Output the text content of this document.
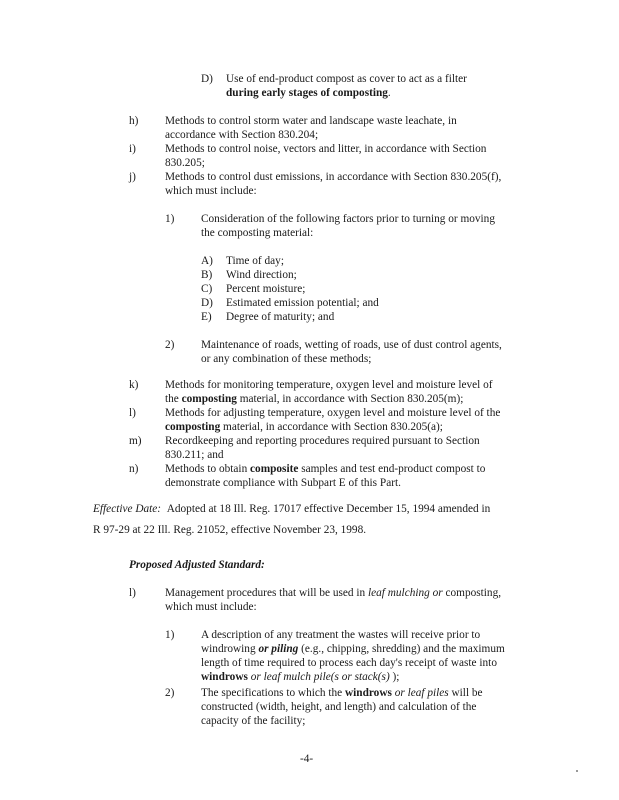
D) Use of end-product compost as cover to act as a filter
during early stages of composting.
h) Methods to control storm water and landscape waste leachate, in
accordance with Section 830.204;
i)	Methods to control noise, vectors and litter, in accordance with Section
830.205;
j)	Methods to control dust emissions, in accordance with Section 830.205(f),
which must include:
1) Consideration of the following factors prior to turning or moving
the composting material:
A) Time of day;
B) Wind direction;
C) Percent moisture;
D) Estimated emission potential; and
E) Degree of maturity; and
2) Maintenance of roads, wetting of roads, use of dust control agents,
or any combination of these methods;
k) Methods for monitoring temperature, oxygen level and moisture level of
the composting material, in accordance with Section 830.205(m);
l)	Methods for adjusting temperature, oxygen level and moisture level of the
composting material, in accordance with Section 830.205(a);
m) Recordkeeping and reporting procedures required pursuant to Section
830.211; and
n) Methods to obtain composite samples and test end-product compost to
demonstrate compliance with Subpart E of this Part.
Effective Date: Adopted at 18 Ill. Reg. 17017 effective December 15, 1994 amended in
R 97-29 at 22 Ill. Reg. 21052, effective November 23, 1998.
Proposed Adjusted Standard:
l)	Management procedures that will be used in leaf mulching or composting,
which must include:
1) A description of any treatment the wastes will receive prior to
windrowing or piling (e.g., chipping, shredding) and the maximum
length of time required to process each day's receipt of waste into
windrows or leaf mulch pile(s or stack(s) );
2) The specifications to which the windrows or leaf piles will be
constructed (width, height, and length) and calculation of the
capacity of the facility;
-4-
